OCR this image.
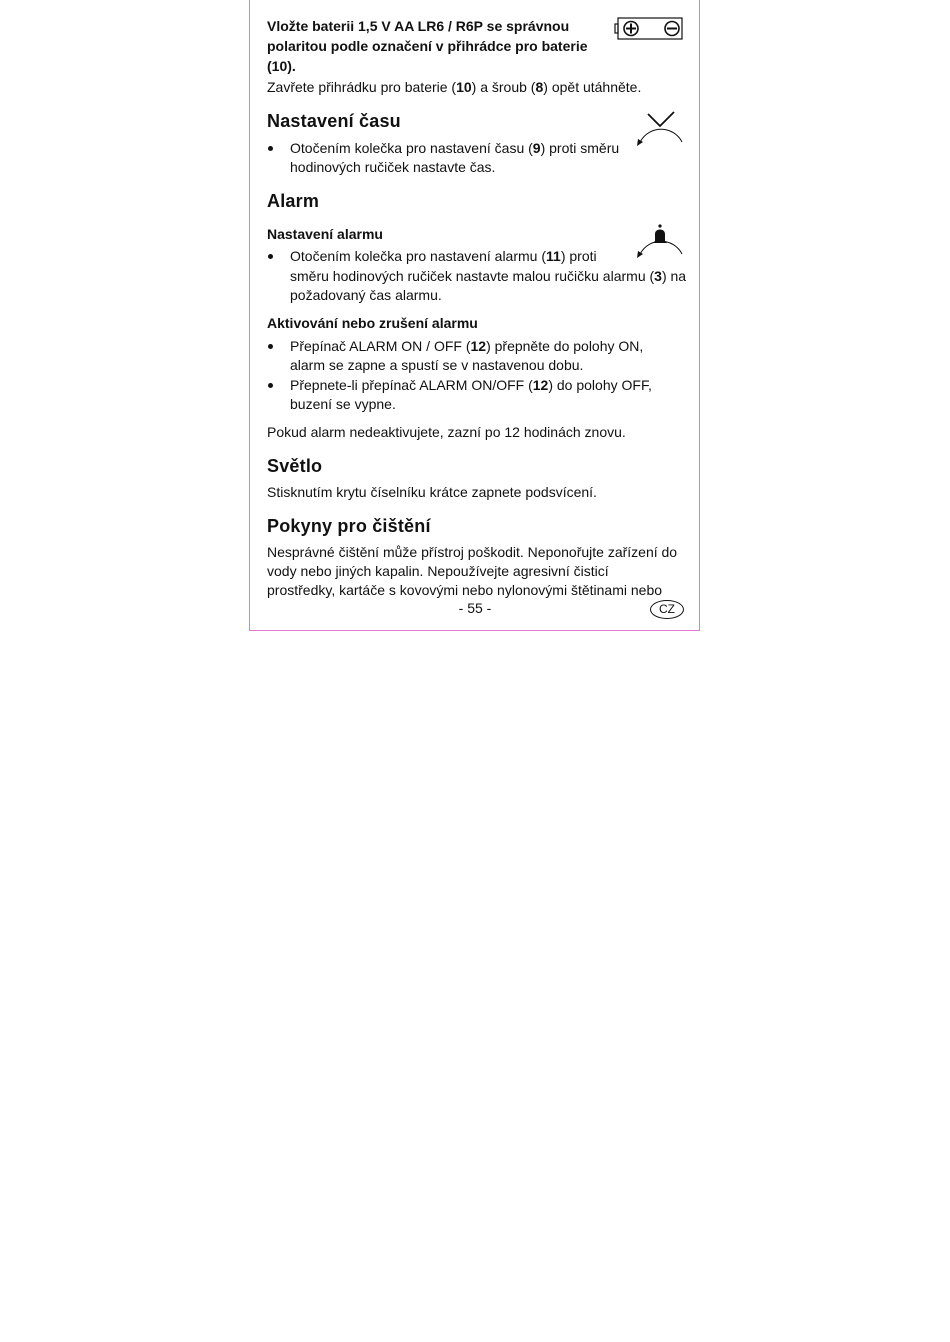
Vložte baterii 1,5 V AA LR6 / R6P se správnou
polaritou podle označení v přihrádce pro baterie
(10).
Zavřete přihrádku pro baterie (10) a šroub (8) opět utáhněte.
Nastavení času
Otočením kolečka pro nastavení času (9) proti směru
hodinových ručiček nastavte čas.
Alarm
Nastavení alarmu
Otočením kolečka pro nastavení alarmu (11) proti
směru hodinových ručiček nastavte malou ručičku alarmu (3) na
požadovaný čas alarmu.
Aktivování nebo zrušení alarmu
Přepínač ALARM ON / OFF (12) přepněte do polohy ON,
alarm se zapne a spustí se v nastavenou dobu.
Přepnete-li přepínač ALARM ON/OFF (12) do polohy OFF,
buzení se vypne.
Pokud alarm nedeaktivujete, zazní po 12 hodinách znovu.
Světlo
Stisknutím krytu číselníku krátce zapnete podsvícení.
Pokyny pro čištění
Nesprávné čištění může přístroj poškodit. Neponořujte zařízení do
vody nebo jiných kapalin. Nepoužívejte agresivní čisticí
prostředky, kartáče s kovovými nebo nylonovými štětinami nebo
- 55 -	CZ
